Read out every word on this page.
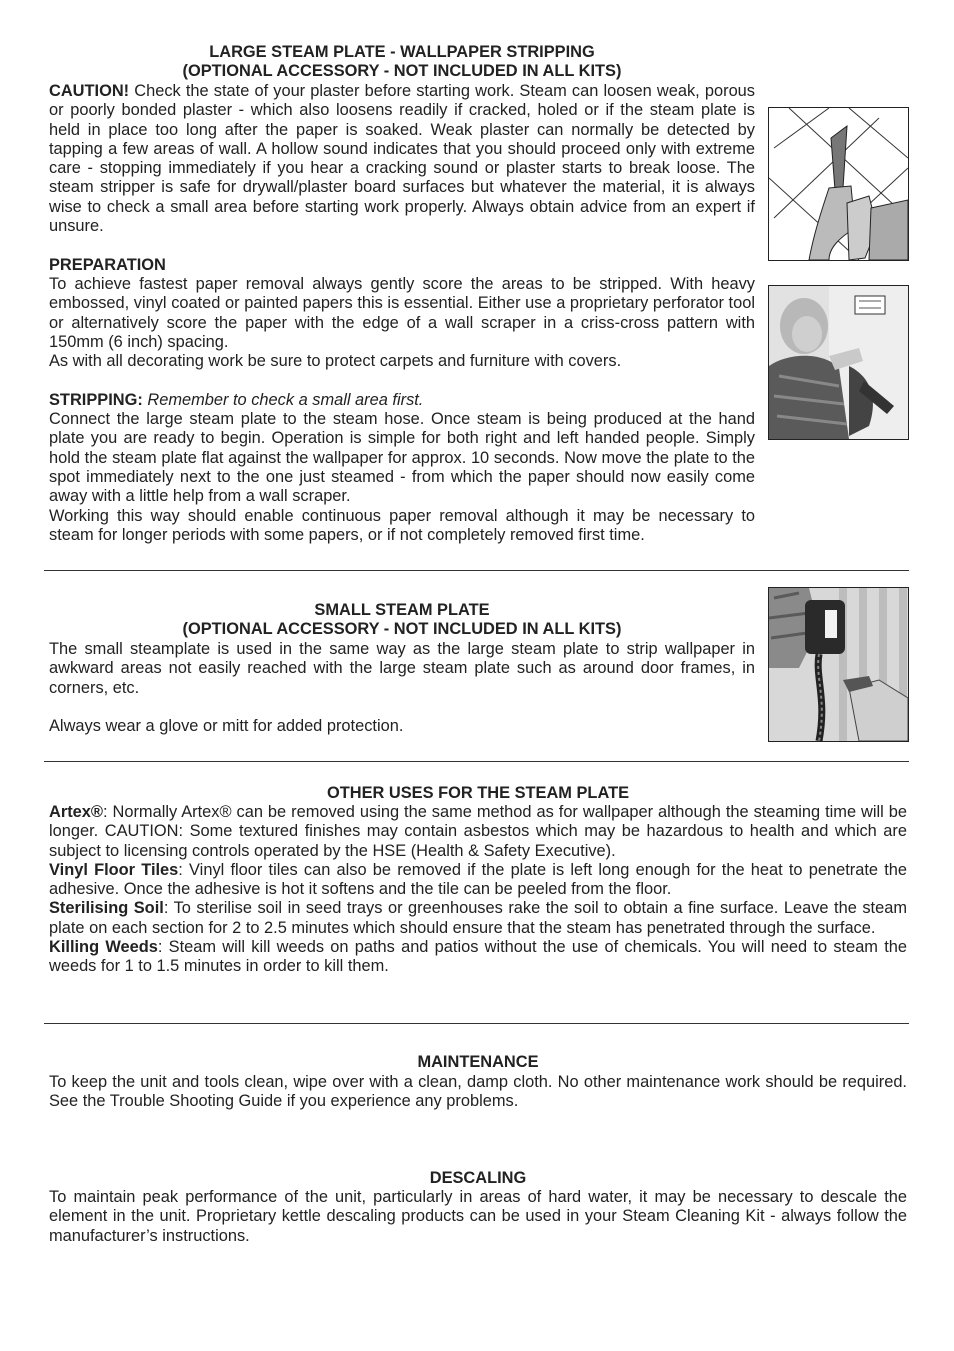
LARGE STEAM PLATE - WALLPAPER STRIPPING
(OPTIONAL ACCESSORY - NOT INCLUDED IN ALL KITS)

CAUTION! Check the state of your plaster before starting work. Steam can loosen weak, porous or poorly bonded plaster - which also loosens readily if cracked, holed or if the steam plate is held in place too long after the paper is soaked. Weak plaster can normally be detected by tapping a few areas of wall. A hollow sound indicates that you should proceed only with extreme care - stopping immediately if you hear a cracking sound or plaster starts to break loose. The steam stripper is safe for drywall/plaster board surfaces but whatever the material, it is always wise to check a small area before starting work properly. Always obtain advice from an expert if unsure.

PREPARATION

To achieve fastest paper removal always gently score the areas to be stripped. With heavy embossed, vinyl coated or painted papers this is essential. Either use a proprietary perforator tool or alternatively score the paper with the edge of a wall scraper in a criss-cross pattern with 150mm (6 inch) spacing.

As with all decorating work be sure to protect carpets and furniture with covers.

STRIPPING: Remember to check a small area first.

Connect the large steam plate to the steam hose. Once steam is being produced at the hand plate you are ready to begin. Operation is simple for both right and left handed people. Simply hold the steam plate flat against the wallpaper for approx. 10 seconds. Now move the plate to the spot immediately next to the one just steamed - from which the paper should now easily come away with a little help from a wall scraper.

Working this way should enable continuous paper removal although it may be necessary to steam for longer periods with some papers, or if not completely removed first time.

SMALL STEAM PLATE
(OPTIONAL ACCESSORY - NOT INCLUDED IN ALL KITS)

The small steamplate is used in the same way as the large steam plate to strip wallpaper in awkward areas not easily reached with the large steam plate such as around door frames, in corners, etc.

Always wear a glove or mitt for added protection.

OTHER USES FOR THE STEAM PLATE

Artex®: Normally Artex® can be removed using the same method as for wallpaper although the steaming time will be longer. CAUTION: Some textured finishes may contain asbestos which may be hazardous to health and which are subject to licensing controls operated by the HSE (Health & Safety Executive).

Vinyl Floor Tiles: Vinyl floor tiles can also be removed if the plate is left long enough for the heat to penetrate the adhesive. Once the adhesive is hot it softens and the tile can be peeled from the floor.

Sterilising Soil: To sterilise soil in seed trays or greenhouses rake the soil to obtain a fine surface. Leave the steam plate on each section for 2 to 2.5 minutes which should ensure that the steam has penetrated through the surface.

Killing Weeds: Steam will kill weeds on paths and patios without the use of chemicals. You will need to steam the weeds for 1 to 1.5 minutes in order to kill them.

MAINTENANCE

To keep the unit and tools clean, wipe over with a clean, damp cloth. No other maintenance work should be required. See the Trouble Shooting Guide if you experience any problems.

DESCALING

To maintain peak performance of the unit, particularly in areas of hard water, it may be necessary to descale the element in the unit. Proprietary kettle descaling products can be used in your Steam Cleaning Kit - always follow the manufacturer’s instructions.
